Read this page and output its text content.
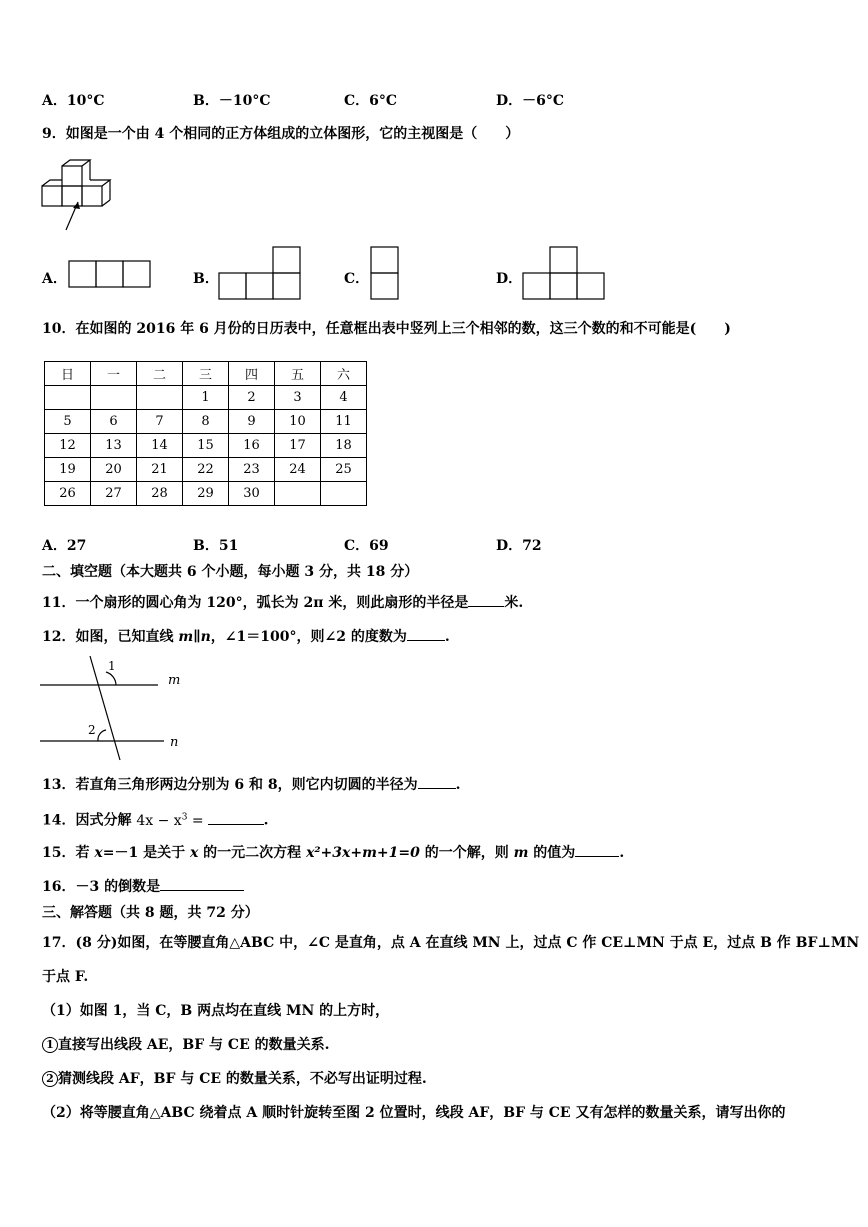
A．10°C	B．－10°C	C．6°C	D．－6°C
9．如图是一个由 4 个相同的正方体组成的立体图形，它的主视图是（　　）
A．	B．	C．	D．
10．在如图的 2016 年 6 月份的日历表中，任意框出表中竖列上三个相邻的数，这三个数的和不可能是(　　)
日	一	二	三	四	五	六
			1	2	3	4
5	6	7	8	9	10	11
12	13	14	15	16	17	18
19	20	21	22	23	24	25
26	27	28	29	30		
A．27	B．51	C．69	D．72
二、填空题（本大题共 6 个小题，每小题 3 分，共 18 分）
11．一个扇形的圆心角为 120°，弧长为 2π 米，则此扇形的半径是	米.
12．如图，已知直线 m∥n，∠1＝100°，则∠2 的度数为	.
1
2
m
n
13．若直角三角形两边分别为 6 和 8，则它内切圆的半径为	.
14．因式分解 $4x - x^3$ =	.
15．若 x=－1 是关于 x 的一元二次方程 x²+3x+m+1=0 的一个解，则 m 的值为	.
16．－3 的倒数是
三、解答题（共 8 题，共 72 分）
17．(8 分)如图，在等腰直角△ABC 中，∠C 是直角，点 A 在直线 MN 上，过点 C 作 CE⊥MN 于点 E，过点 B 作 BF⊥MN
于点 F.
（1）如图 1，当 C，B 两点均在直线 MN 的上方时，
1 直接写出线段 AE，BF 与 CE 的数量关系.
2 猜测线段 AF，BF 与 CE 的数量关系，不必写出证明过程.
（2）将等腰直角△ABC 绕着点 A 顺时针旋转至图 2 位置时，线段 AF，BF 与 CE 又有怎样的数量关系，请写出你的
